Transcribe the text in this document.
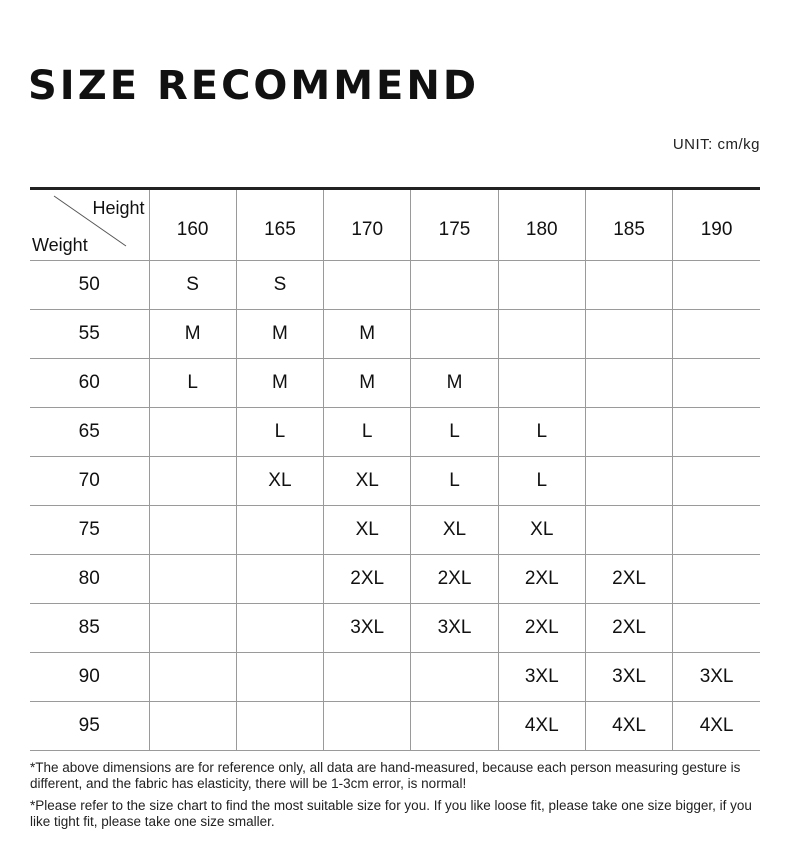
SIZE RECOMMEND
UNIT: cm/kg
Height
Weight	160	165	170	175	180	185	190
50	S	S					
55	M	M	M				
60	L	M	M	M			
65		L	L	L	L		
70		XL	XL	L	L		
75			XL	XL	XL		
80			2XL	2XL	2XL	2XL	
85			3XL	3XL	2XL	2XL	
90					3XL	3XL	3XL
95					4XL	4XL	4XL

*The above dimensions are for reference only, all data are hand-measured, because each person measuring gesture is different, and the fabric has elasticity, there will be 1-3cm error, is normal!

*Please refer to the size chart to find the most suitable size for you. If you like loose fit, please take one size bigger, if you like tight fit, please take one size smaller.
